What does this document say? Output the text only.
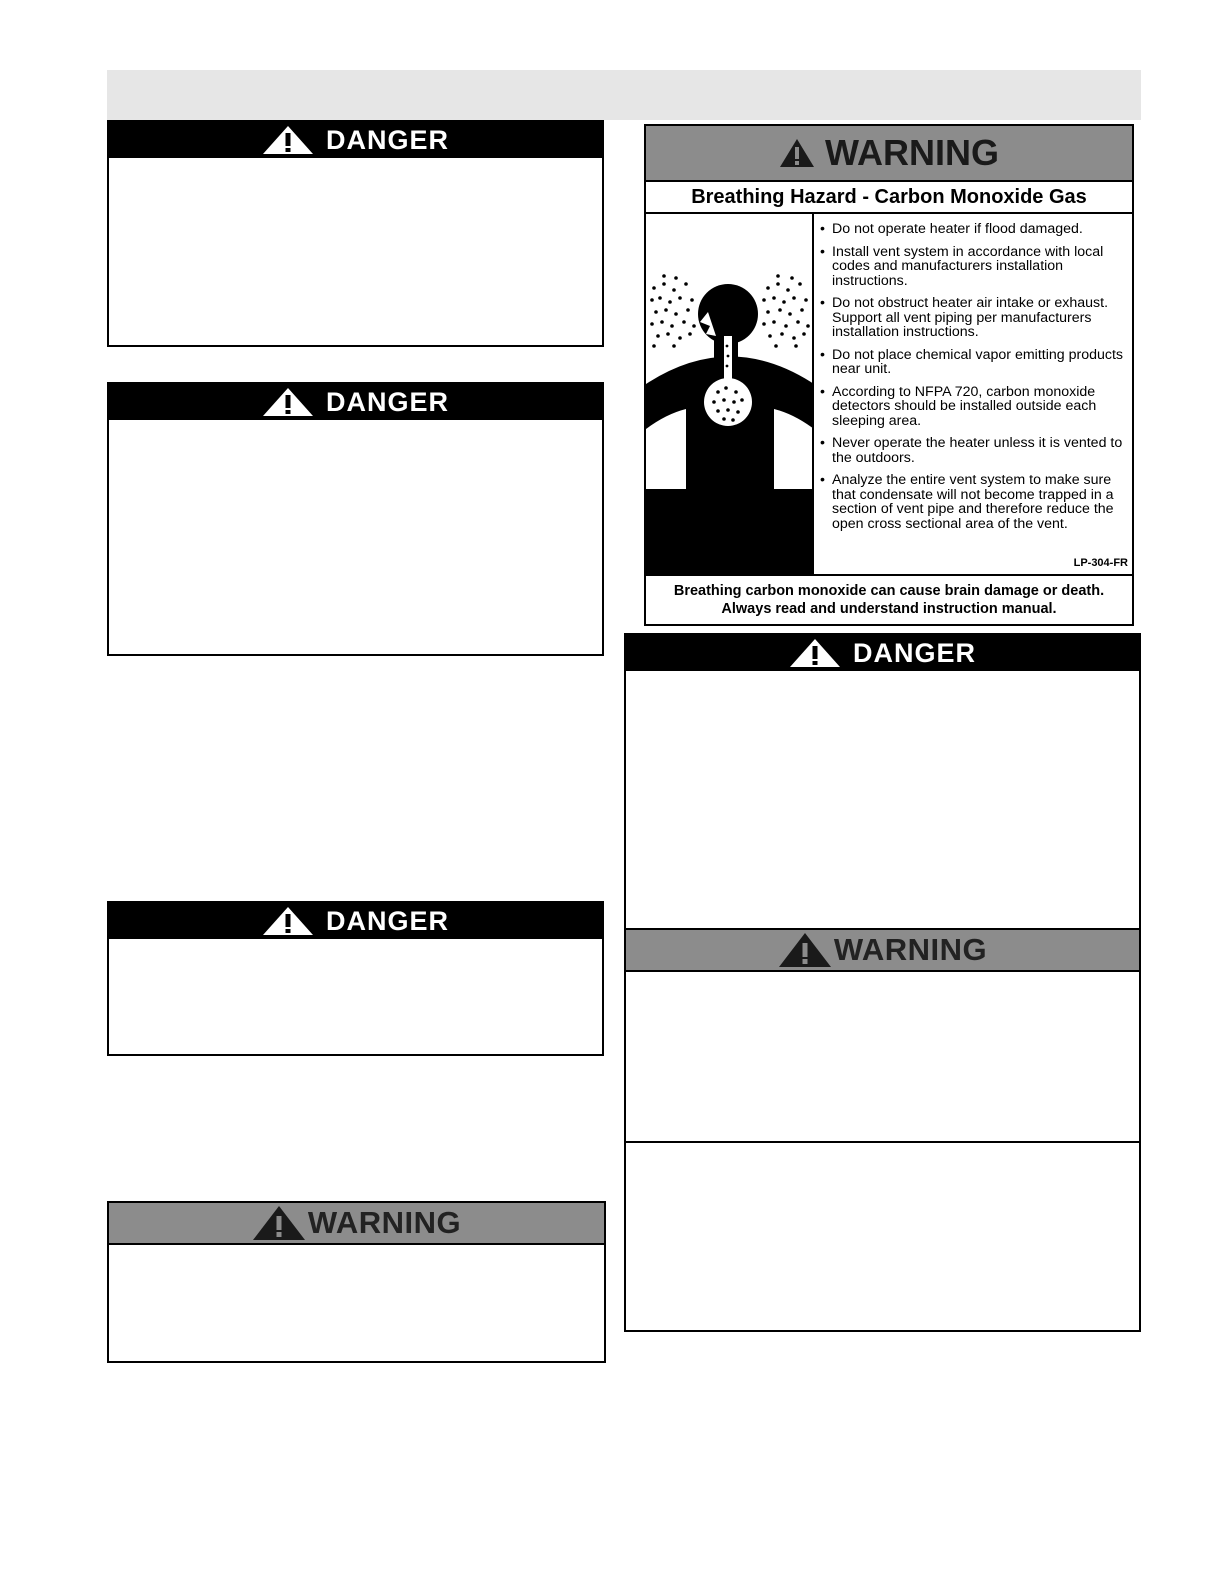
DANGER
DANGER
DANGER
WARNING
WARNING
Breathing Hazard - Carbon Monoxide Gas
• Do not operate heater if flood damaged.
• Install vent system in accordance with local codes and manufacturers installation instructions.
• Do not obstruct heater air intake or exhaust. Support all vent piping per manufacturers installation instructions.
• Do not place chemical vapor emitting products near unit.
• According to NFPA 720, carbon monoxide detectors should be installed outside each sleeping area.
• Never operate the heater unless it is vented to the outdoors.
• Analyze the entire vent system to make sure that condensate will not become trapped in a section of vent pipe and therefore reduce the open cross sectional area of the vent.
LP-304-FR
Breathing carbon monoxide can cause brain damage or death.
Always read and understand instruction manual.
DANGER
WARNING
